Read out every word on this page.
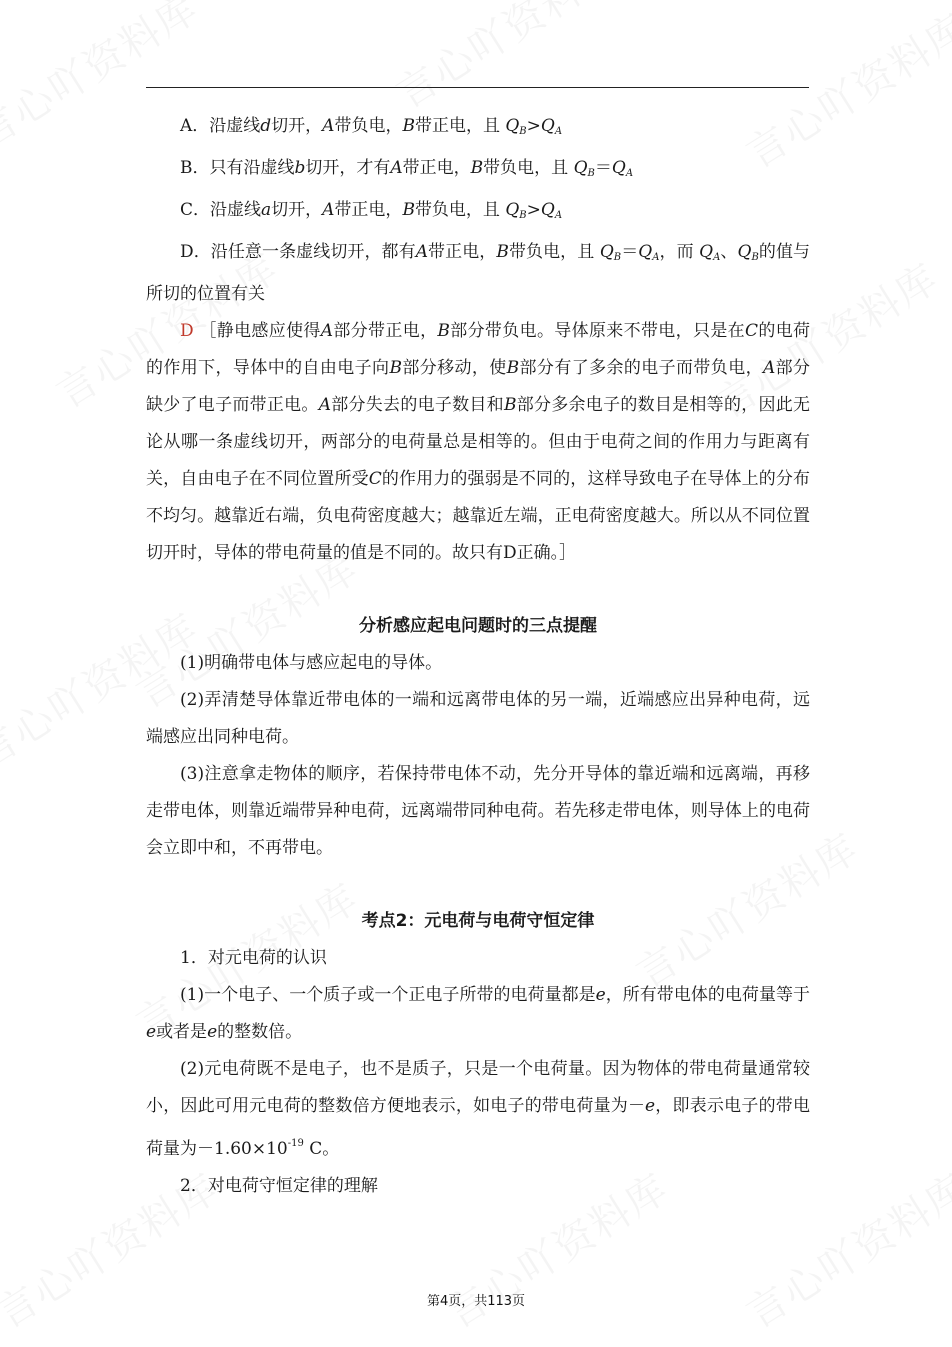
A．沿虚线d切开，A带负电，B带正电，且 $Q_B>Q_A$

B．只有沿虚线b切开，才有A带正电，B带负电，且 $Q_B=Q_A$

C．沿虚线a切开，A带正电，B带负电，且 $Q_B>Q_A$

D．沿任意一条虚线切开，都有A带正电，B带负电，且 $Q_B=Q_A$，而 $Q_A$、$Q_B$的值与所切的位置有关

D ［静电感应使得A部分带正电，B部分带负电。导体原来不带电，只是在C的电荷的作用下，导体中的自由电子向B部分移动，使B部分有了多余的电子而带负电，A部分缺少了电子而带正电。A部分失去的电子数目和B部分多余电子的数目是相等的，因此无论从哪一条虚线切开，两部分的电荷量总是相等的。但由于电荷之间的作用力与距离有关，自由电子在不同位置所受C的作用力的强弱是不同的，这样导致电子在导体上的分布不均匀。越靠近右端，负电荷密度越大；越靠近左端，正电荷密度越大。所以从不同位置切开时，导体的带电荷量的值是不同的。故只有D正确。］

分析感应起电问题时的三点提醒

(1)明确带电体与感应起电的导体。

(2)弄清楚导体靠近带电体的一端和远离带电体的另一端，近端感应出异种电荷，远端感应出同种电荷。

(3)注意拿走物体的顺序，若保持带电体不动，先分开导体的靠近端和远离端，再移走带电体，则靠近端带异种电荷，远离端带同种电荷。若先移走带电体，则导体上的电荷会立即中和，不再带电。

考点2：元电荷与电荷守恒定律

1．对元电荷的认识

(1)一个电子、一个质子或一个正电子所带的电荷量都是e，所有带电体的电荷量等于e或者是e的整数倍。

(2)元电荷既不是电子，也不是质子，只是一个电荷量。因为物体的带电荷量通常较小，因此可用元电荷的整数倍方便地表示，如电子的带电荷量为－e，即表示电子的带电荷量为$-1.60\times 10^{-19}$ C。

2．对电荷守恒定律的理解

第4页，共113页
